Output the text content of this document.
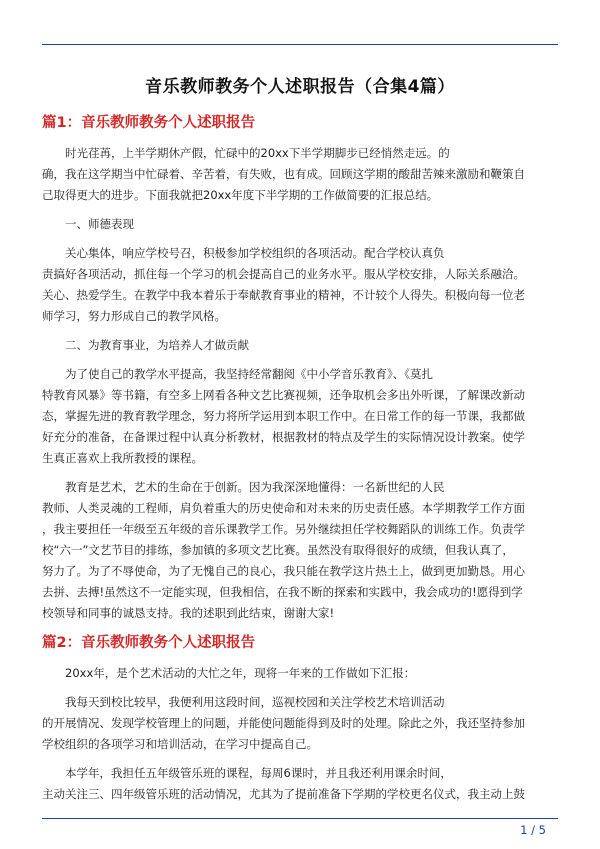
音乐教师教务个人述职报告（合集4篇）
篇1：音乐教师教务个人述职报告

时光荏苒，上半学期休产假，忙碌中的20xx下半学期脚步已经悄然走远。的
确，我在这学期当中忙碌着、辛苦着，有失败，也有成。回顾这学期的酸甜苦辣来激励和鞭策自
己取得更大的进步。下面我就把20xx年度下半学期的工作做简要的汇报总结。

一、师德表现

关心集体，响应学校号召，积极参加学校组织的各项活动。配合学校认真负
责搞好各项活动，抓住每一个学习的机会提高自己的业务水平。服从学校安排，人际关系融洽。
关心、热爱学生。在教学中我本着乐于奉献教育事业的精神，不计较个人得失。积极向每一位老
师学习，努力形成自己的教学风格。

二、为教育事业，为培养人才做贡献

为了使自己的教学水平提高，我坚持经常翻阅《中小学音乐教育》、《莫扎
特教育风暴》等书籍，有空多上网看各种文艺比赛视频，还争取机会多出外听课，了解课改新动
态，掌握先进的教育教学理念，努力将所学运用到本职工作中。在日常工作的每一节课，我都做
好充分的准备，在备课过程中认真分析教材，根据教材的特点及学生的实际情况设计教案。使学
生真正喜欢上我所教授的课程。

教育是艺术，艺术的生命在于创新。因为我深深地懂得：一名新世纪的人民
教师、人类灵魂的工程师，肩负着重大的历史使命和对未来的历史责任感。本学期教学工作方面
，我主要担任一年级至五年级的音乐课教学工作。另外继续担任学校舞蹈队的训练工作。负责学
校“六一”文艺节目的排练，参加镇的多项文艺比赛。虽然没有取得很好的成绩，但我认真了，
努力了。为了不辱使命，为了无愧自己的良心，我只能在教学这片热土上，做到更加勤恳。用心
去拼、去搏!虽然这不一定能实现，但我相信，在我不断的探索和实践中，我会成功的!愿得到学
校领导和同事的诚恳支持。我的述职到此结束，谢谢大家!

篇2：音乐教师教务个人述职报告

20xx年，是个艺术活动的大忙之年，现将一年来的工作做如下汇报：

我每天到校比较早，我便利用这段时间，巡视校园和关注学校艺术培训活动
的开展情况、发现学校管理上的问题，并能使问题能得到及时的处理。除此之外，我还坚持参加
学校组织的各项学习和培训活动，在学习中提高自己。

本学年，我担任五年级管乐班的课程，每周6课时，并且我还利用课余时间，
主动关注三、四年级管乐班的活动情况，尤其为了提前准备下学期的学校更名仪式，我主动上鼓

1 / 5
